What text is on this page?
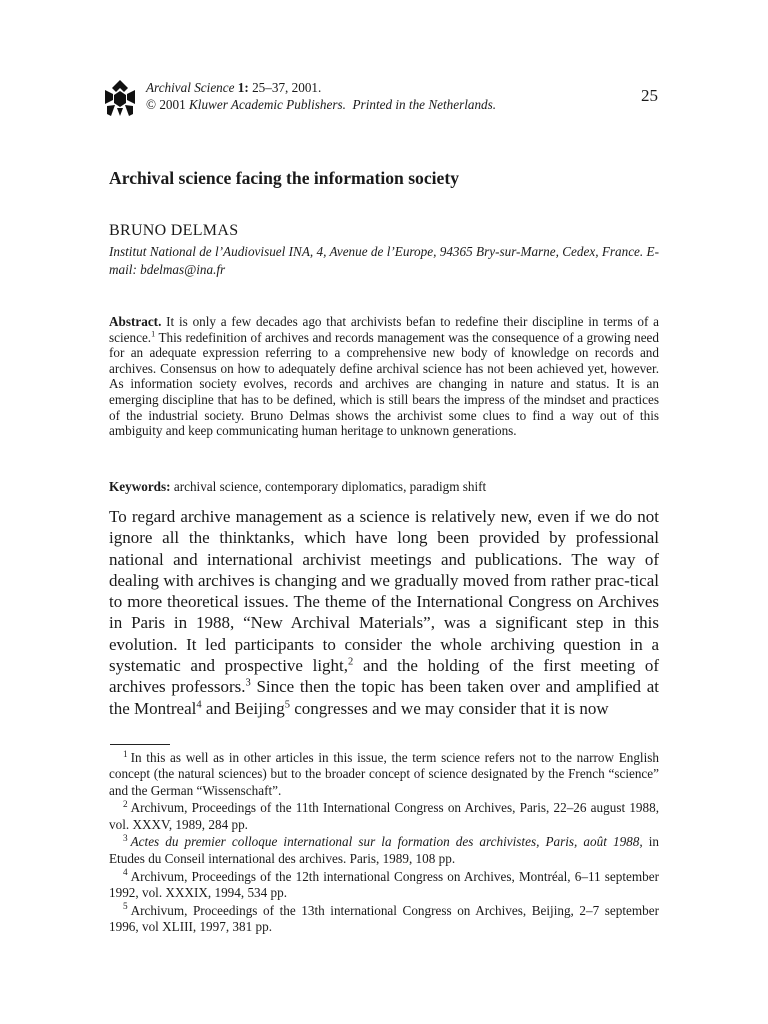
Archival Science 1: 25–37, 2001.
© 2001 Kluwer Academic Publishers. Printed in the Netherlands.	25
Archival science facing the information society
BRUNO DELMAS
Institut National de l’Audiovisuel INA, 4, Avenue de l’Europe, 94365 Bry-sur-Marne, Cedex, France. E-mail: bdelmas@ina.fr
Abstract. It is only a few decades ago that archivists befan to redefine their discipline in terms of a science.$^1$ This redefinition of archives and records management was the consequence of a growing need for an adequate expression referring to a comprehensive new body of knowledge on records and archives. Consensus on how to adequately define archival science has not been achieved yet, however. As information society evolves, records and archives are changing in nature and status. It is an emerging discipline that has to be defined, which is still bears the impress of the mindset and practices of the industrial society. Bruno Delmas shows the archivist some clues to find a way out of this ambiguity and keep communicating human heritage to unknown generations.
Keywords: archival science, contemporary diplomatics, paradigm shift
To regard archive management as a science is relatively new, even if we do not ignore all the thinktanks, which have long been provided by professional national and international archivist meetings and publications. The way of dealing with archives is changing and we gradually moved from rather prac-tical to more theoretical issues. The theme of the International Congress on Archives in Paris in 1988, “New Archival Materials”, was a significant step in this evolution. It led participants to consider the whole archiving question in a systematic and prospective light,$^2$ and the holding of the first meeting of archives professors.$^3$ Since then the topic has been taken over and amplified at the Montreal$^4$ and Beijing$^5$ congresses and we may consider that it is now

$^1$ In this as well as in other articles in this issue, the term science refers not to the narrow English concept (the natural sciences) but to the broader concept of science designated by the French “science” and the German “Wissenschaft”.

$^2$ Archivum, Proceedings of the 11th International Congress on Archives, Paris, 22–26 august 1988, vol. XXXV, 1989, 284 pp.

$^3$ Actes du premier colloque international sur la formation des archivistes, Paris, août 1988, in Etudes du Conseil international des archives. Paris, 1989, 108 pp.

$^4$ Archivum, Proceedings of the 12th international Congress on Archives, Montréal, 6–11 september 1992, vol. XXXIX, 1994, 534 pp.

$^5$ Archivum, Proceedings of the 13th international Congress on Archives, Beijing, 2–7 september 1996, vol XLIII, 1997, 381 pp.
